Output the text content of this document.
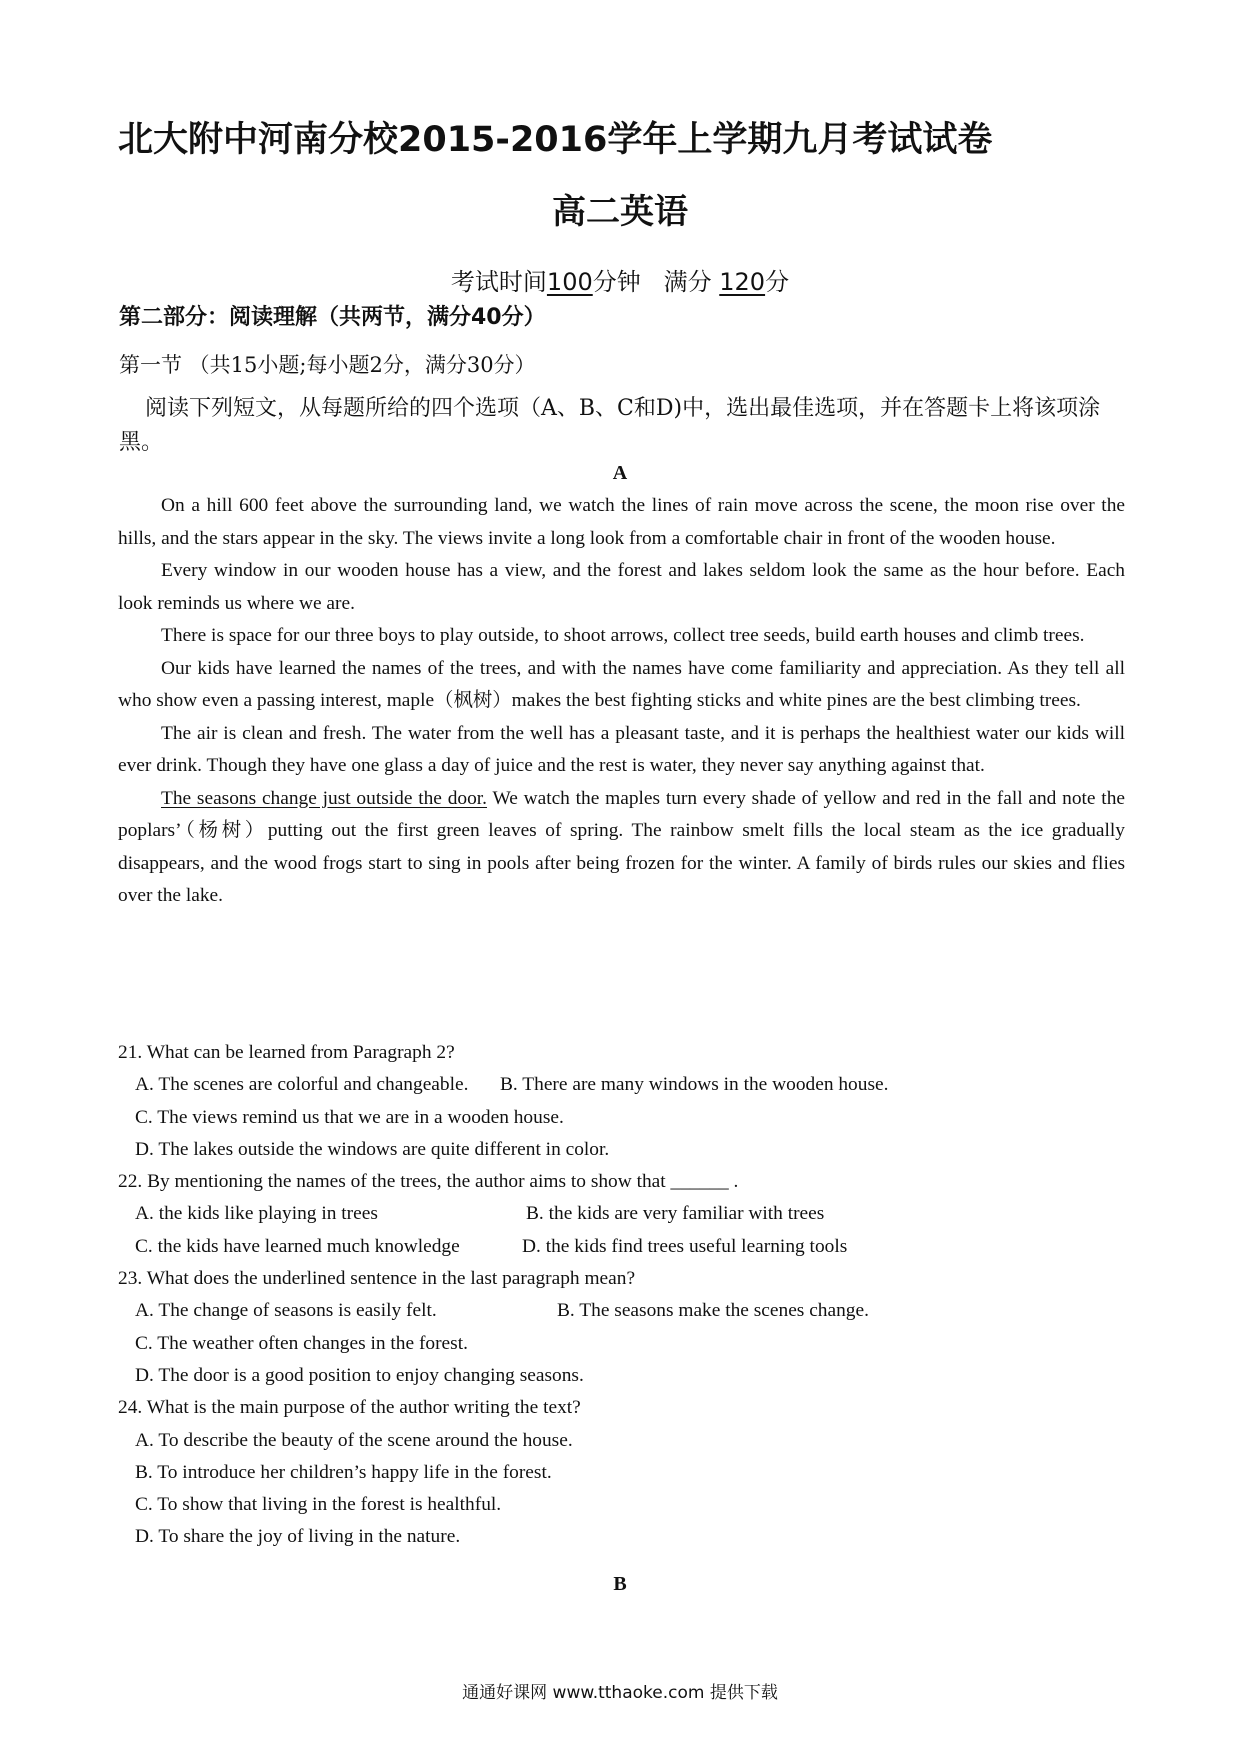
北大附中河南分校2015-2016学年上学期九月考试试卷
高二英语
考试时间100分钟 满分 120分
第二部分：阅读理解（共两节，满分40分）
第一节 （共15小题;每小题2分，满分30分）
阅读下列短文，从每题所给的四个选项（A、B、C和D)中，选出最佳选项，并在答题卡上将该项涂黑。
A

On a hill 600 feet above the surrounding land, we watch the lines of rain move across the scene, the moon rise over the hills, and the stars appear in the sky. The views invite a long look from a comfortable chair in front of the wooden house.

Every window in our wooden house has a view, and the forest and lakes seldom look the same as the hour before. Each look reminds us where we are.

There is space for our three boys to play outside, to shoot arrows, collect tree seeds, build earth houses and climb trees.

Our kids have learned the names of the trees, and with the names have come familiarity and appreciation. As they tell all who show even a passing interest, maple（枫树）makes the best fighting sticks and white pines are the best climbing trees.

The air is clean and fresh. The water from the well has a pleasant taste, and it is perhaps the healthiest water our kids will ever drink. Though they have one glass a day of juice and the rest is water, they never say anything against that.

The seasons change just outside the door. We watch the maples turn every shade of yellow and red in the fall and note the poplars’（杨树）putting out the first green leaves of spring. The rainbow smelt fills the local steam as the ice gradually disappears, and the wood frogs start to sing in pools after being frozen for the winter. A family of birds rules our skies and flies over the lake.

21. What can be learned from Paragraph 2?
A. The scenes are colorful and changeable. B. There are many windows in the wooden house.
C. The views remind us that we are in a wooden house.
D. The lakes outside the windows are quite different in color.
22. By mentioning the names of the trees, the author aims to show that ______ .
A. the kids like playing in trees	B. the kids are very familiar with trees
C. the kids have learned much knowledge	D. the kids find trees useful learning tools
23. What does the underlined sentence in the last paragraph mean?
A. The change of seasons is easily felt.	B. The seasons make the scenes change.
C. The weather often changes in the forest.
D. The door is a good position to enjoy changing seasons.
24. What is the main purpose of the author writing the text?
A. To describe the beauty of the scene around the house.
B. To introduce her children’s happy life in the forest.
C. To show that living in the forest is healthful.
D. To share the joy of living in the nature.
B
通通好课网 www.tthaoke.com 提供下载
